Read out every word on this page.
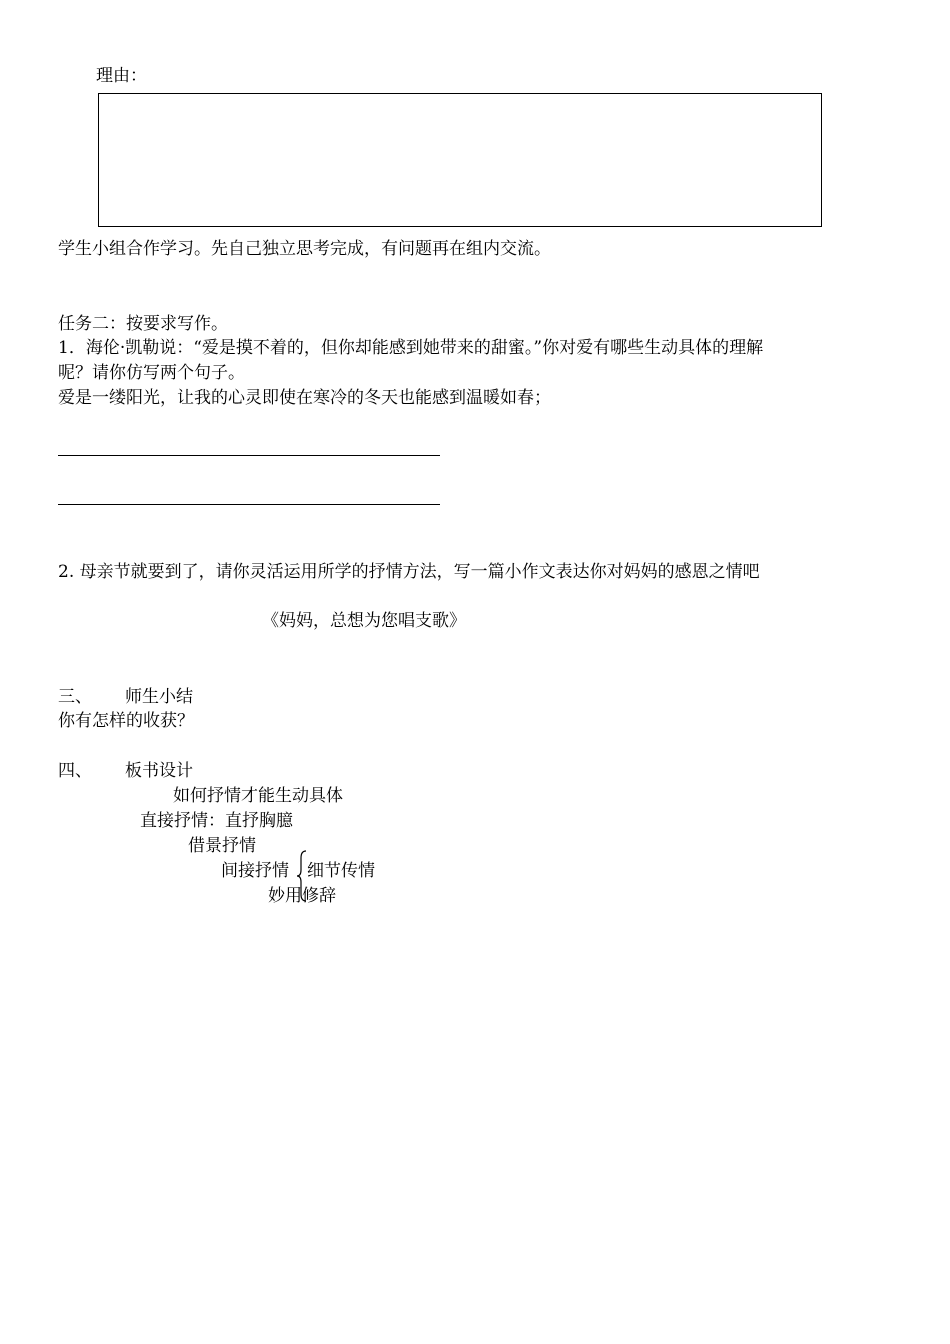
理由：
学生小组合作学习。先自己独立思考完成，有问题再在组内交流。
任务二：按要求写作。
1．海伦·凯勒说：“爱是摸不着的，但你却能感到她带来的甜蜜。”你对爱有哪些生动具体的理解
呢？请你仿写两个句子。
爱是一缕阳光，让我的心灵即使在寒冷的冬天也能感到温暖如春；
2. 母亲节就要到了，请你灵活运用所学的抒情方法，写一篇小作文表达你对妈妈的感恩之情吧
《妈妈，总想为您唱支歌》
三、 师生小结
你有怎样的收获？
四、 板书设计
如何抒情才能生动具体
直接抒情：直抒胸臆
借景抒情
间接抒情 细节传情
妙用修辞
